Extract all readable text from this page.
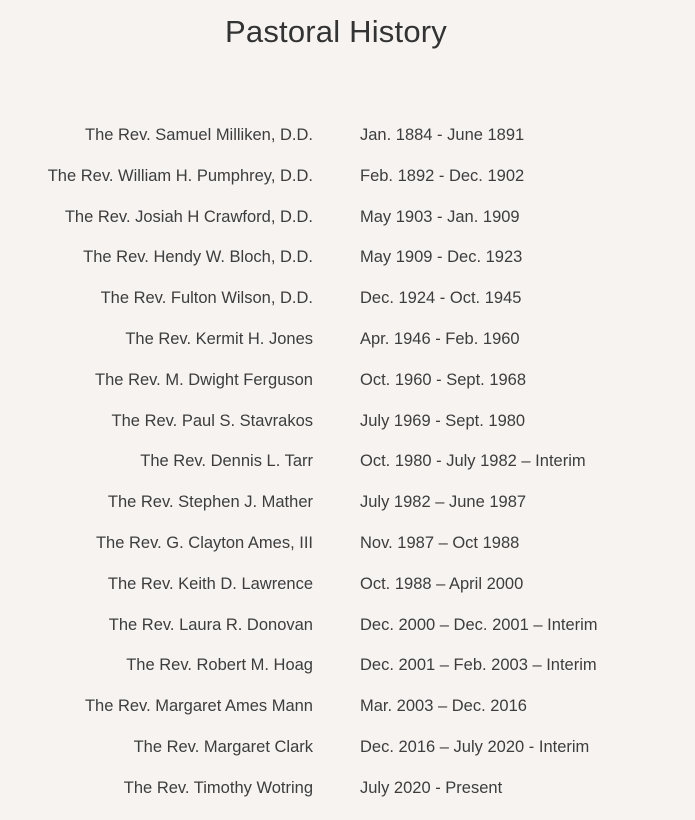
Pastoral History
The Rev. Samuel Milliken, D.D.	Jan. 1884 - June 1891
The Rev. William H. Pumphrey, D.D.	Feb. 1892 - Dec. 1902
The Rev. Josiah H Crawford, D.D.	May 1903 - Jan. 1909
The Rev. Hendy W. Bloch, D.D.	May 1909 - Dec. 1923
The Rev. Fulton Wilson, D.D.	Dec. 1924 - Oct. 1945
The Rev. Kermit H. Jones	Apr. 1946 - Feb. 1960
The Rev. M. Dwight Ferguson	Oct. 1960 - Sept. 1968
The Rev. Paul S. Stavrakos	July 1969 - Sept. 1980
The Rev. Dennis L. Tarr	Oct. 1980 - July 1982 – Interim
The Rev. Stephen J. Mather	July 1982 – June 1987
The Rev. G. Clayton Ames, III	Nov. 1987 – Oct 1988
The Rev. Keith D. Lawrence	Oct. 1988 – April 2000
The Rev. Laura R. Donovan	Dec. 2000 – Dec. 2001 – Interim
The Rev. Robert M. Hoag	Dec. 2001 – Feb. 2003 – Interim
The Rev. Margaret Ames Mann	Mar. 2003 – Dec. 2016
The Rev. Margaret Clark	Dec. 2016 – July 2020 - Interim
The Rev. Timothy Wotring	July 2020 - Present
